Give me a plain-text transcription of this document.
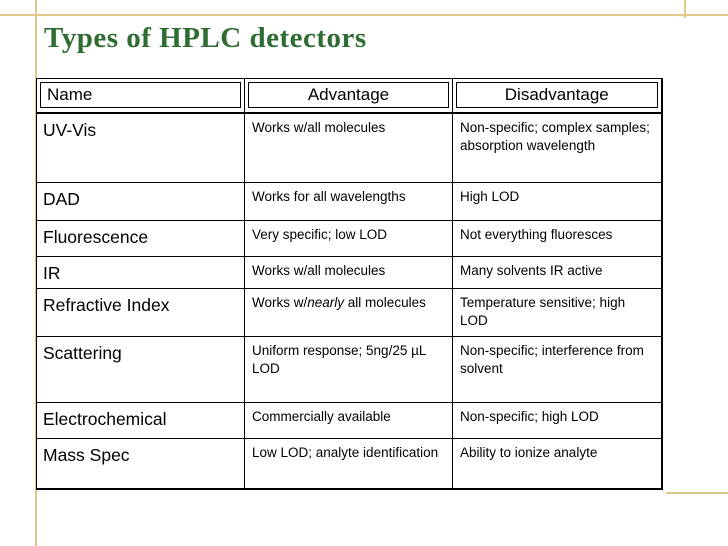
Types of HPLC detectors
Name	Advantage	Disadvantage

UV-Vis	Works w/all molecules	Non-specific; complex samples; absorption wavelength

DAD	Works for all wavelengths	High LOD

Fluorescence	Very specific; low LOD	Not everything fluoresces

IR	Works w/all molecules	Many solvents IR active

Refractive Index	Works w/nearly all molecules	Temperature sensitive; high LOD

Scattering	Uniform response; 5ng/25 µL LOD	Non-specific; interference from solvent

Electrochemical	Commercially available	Non-specific; high LOD

Mass Spec	Low LOD; analyte identification	Ability to ionize analyte
